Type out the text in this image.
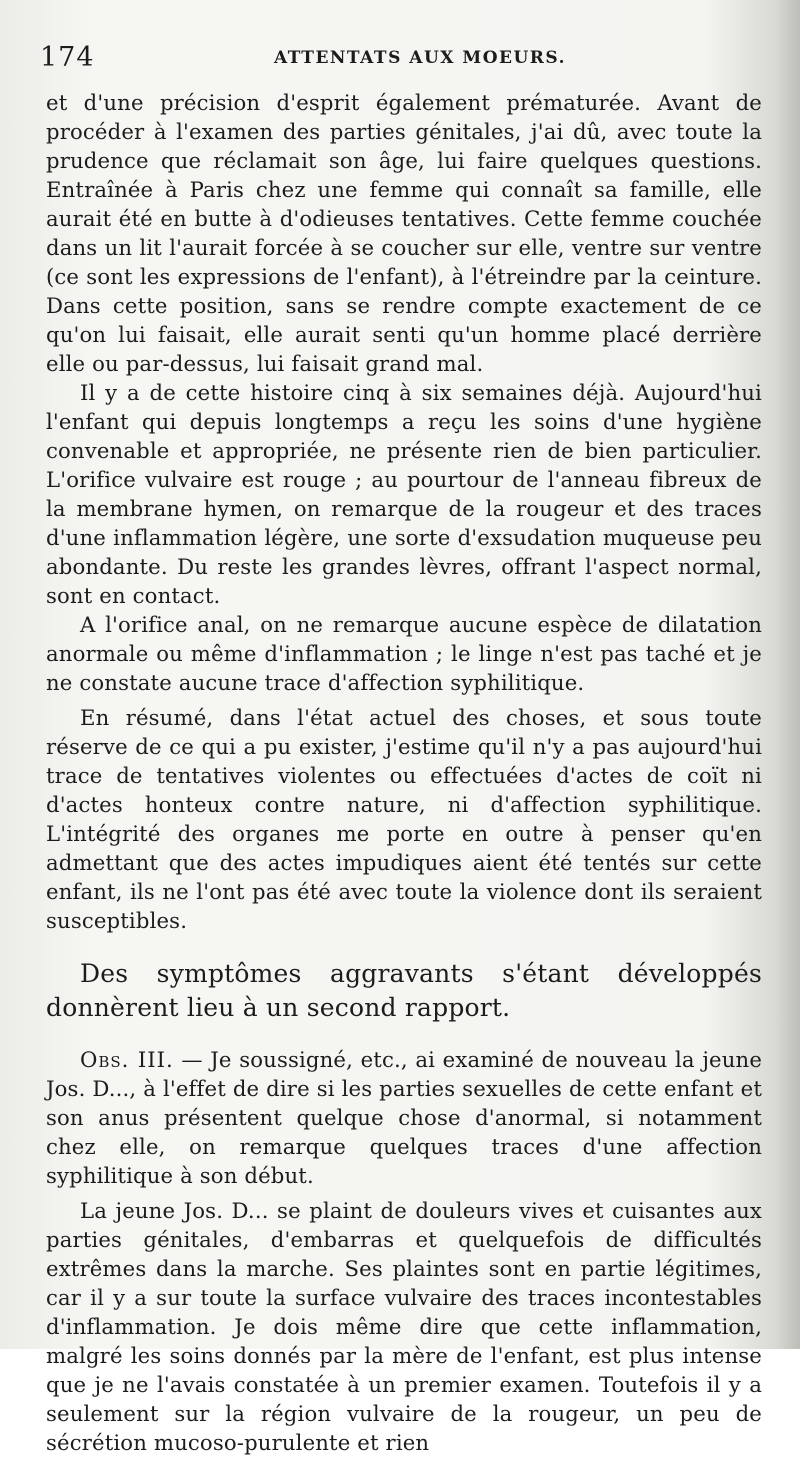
174	ATTENTATS AUX MOEURS.

et d'une précision d'esprit également prématurée. Avant de procéder à l'examen des parties génitales, j'ai dû, avec toute la prudence que réclamait son âge, lui faire quelques questions. Entraînée à Paris chez une femme qui connaît sa famille, elle aurait été en butte à d'odieuses tentatives. Cette femme couchée dans un lit l'aurait forcée à se coucher sur elle, ventre sur ventre (ce sont les expressions de l'enfant), à l'étreindre par la ceinture. Dans cette position, sans se rendre compte exactement de ce qu'on lui faisait, elle aurait senti qu'un homme placé derrière elle ou par-dessus, lui faisait grand mal.

Il y a de cette histoire cinq à six semaines déjà. Aujourd'hui l'enfant qui depuis longtemps a reçu les soins d'une hygiène convenable et appropriée, ne présente rien de bien particulier. L'orifice vulvaire est rouge ; au pourtour de l'anneau fibreux de la membrane hymen, on remarque de la rougeur et des traces d'une inflammation légère, une sorte d'exsudation muqueuse peu abondante. Du reste les grandes lèvres, offrant l'aspect normal, sont en contact.

A l'orifice anal, on ne remarque aucune espèce de dilatation anormale ou même d'inflammation ; le linge n'est pas taché et je ne constate aucune trace d'affection syphilitique.

En résumé, dans l'état actuel des choses, et sous toute réserve de ce qui a pu exister, j'estime qu'il n'y a pas aujourd'hui trace de tentatives violentes ou effectuées d'actes de coït ni d'actes honteux contre nature, ni d'affection syphilitique. L'intégrité des organes me porte en outre à penser qu'en admettant que des actes impudiques aient été tentés sur cette enfant, ils ne l'ont pas été avec toute la violence dont ils seraient susceptibles.

Des symptômes aggravants s'étant développés donnèrent lieu à un second rapport.

Obs. III. — Je soussigné, etc., ai examiné de nouveau la jeune Jos. D..., à l'effet de dire si les parties sexuelles de cette enfant et son anus présentent quelque chose d'anormal, si notamment chez elle, on remarque quelques traces d'une affection syphilitique à son début.

La jeune Jos. D... se plaint de douleurs vives et cuisantes aux parties génitales, d'embarras et quelquefois de difficultés extrêmes dans la marche. Ses plaintes sont en partie légitimes, car il y a sur toute la surface vulvaire des traces incontestables d'inflammation. Je dois même dire que cette inflammation, malgré les soins donnés par la mère de l'enfant, est plus intense que je ne l'avais constatée à un premier examen. Toutefois il y a seulement sur la région vulvaire de la rougeur, un peu de sécrétion mucoso-purulente et rien
